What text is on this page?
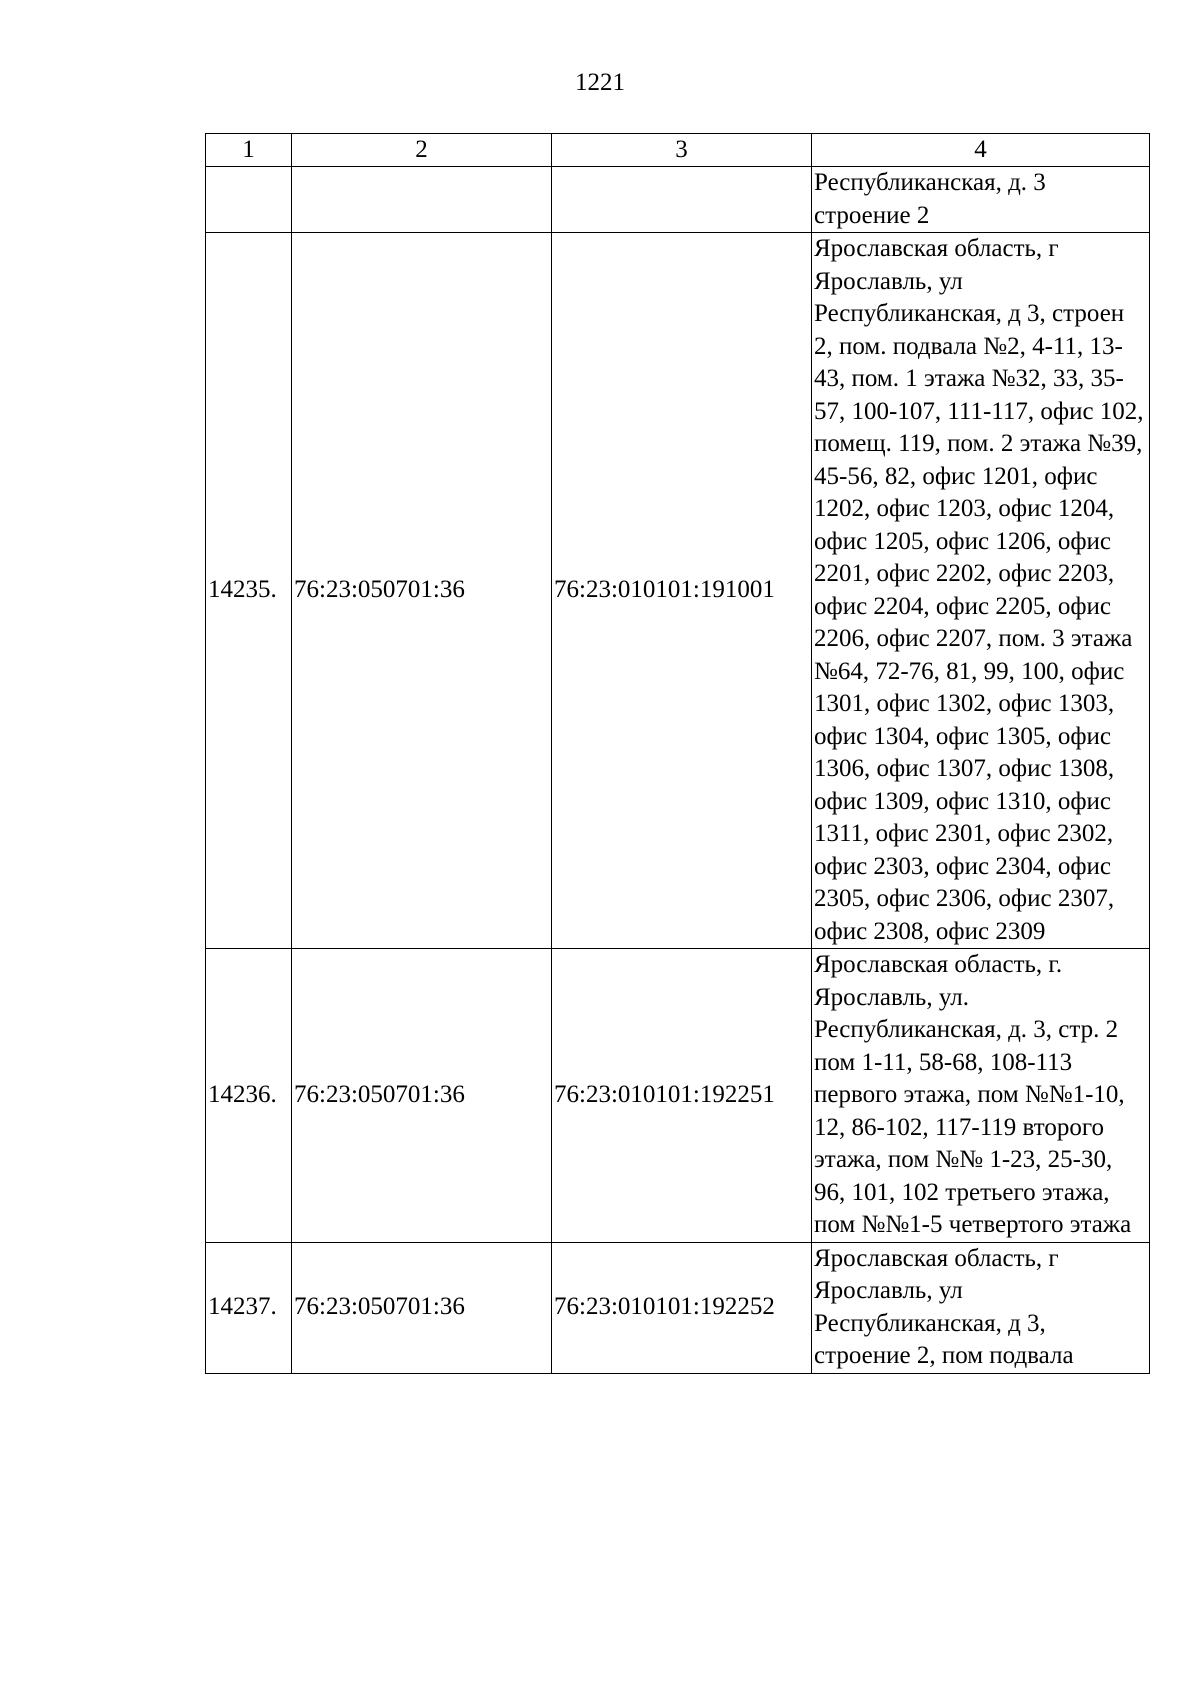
1221
1	2	3	4
			Республиканская, д. 3 строение 2
14235.	76:23:050701:36	76:23:010101:191001	Ярославская область, г Ярославль, ул Республиканская, д 3, строен 2, пом. подвала №2, 4-11, 13-43, пом. 1 этажа №32, 33, 35-57, 100-107, 111-117, офис 102, помещ. 119, пом. 2 этажа №39, 45-56, 82, офис 1201, офис 1202, офис 1203, офис 1204, офис 1205, офис 1206, офис 2201, офис 2202, офис 2203, офис 2204, офис 2205, офис 2206, офис 2207, пом. 3 этажа №64, 72-76, 81, 99, 100, офис 1301, офис 1302, офис 1303, офис 1304, офис 1305, офис 1306, офис 1307, офис 1308, офис 1309, офис 1310, офис 1311, офис 2301, офис 2302, офис 2303, офис 2304, офис 2305, офис 2306, офис 2307, офис 2308, офис 2309
14236.	76:23:050701:36	76:23:010101:192251	Ярославская область, г. Ярославль, ул. Республиканская, д. 3, стр. 2 пом 1-11, 58-68, 108-113 первого этажа, пом №№1-10, 12, 86-102, 117-119 второго этажа, пом №№ 1-23, 25-30, 96, 101, 102 третьего этажа, пом №№1-5 четвертого этажа
14237.	76:23:050701:36	76:23:010101:192252	Ярославская область, г Ярославль, ул Республиканская, д 3, строение 2, пом подвала
